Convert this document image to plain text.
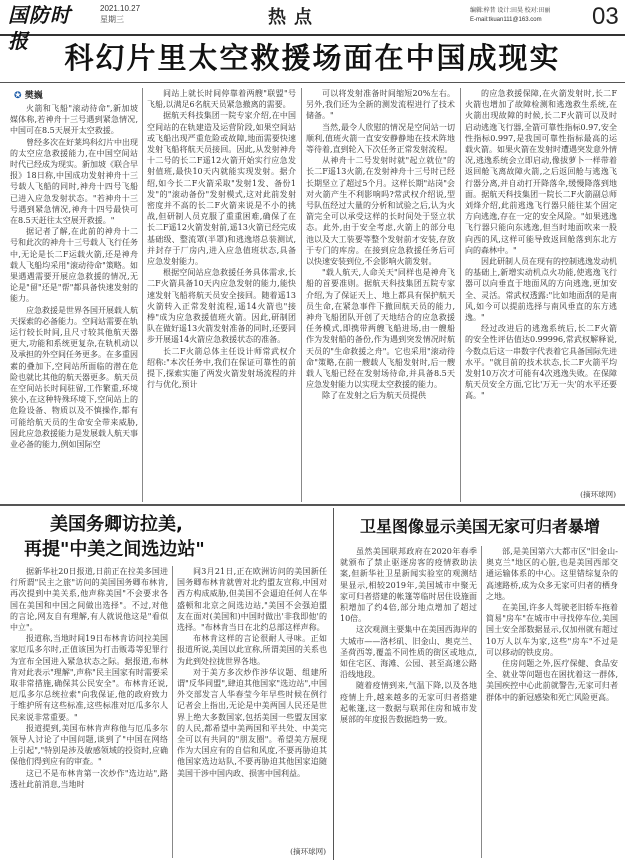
国防时报
2021.10.27
星期三	热点	编辑:梓昔 设计:田昊 校对:田丽
E-mail:tkuan111@163.com	03
科幻片里太空救援场面在中国成现实
✪ 樊巍
火箭和飞船"滚动待命",新加坡媒体称,若神舟十三号遇到紧急情况,中国可在8.5天展开太空救援。
曾经多次在好莱坞科幻片中出现的太空应急救援能力,在中国空间站时代已经成为现实。新加坡《联合早报》18日称,中国成功发射神舟十三号载人飞船的同时,神舟十四号飞船已进入应急发射状态。"若神舟十三号遇到紧急情况,神舟十四号最快可在8.5天赶往太空展开救援。"
据记者了解,在此前的神舟十二号和此次的神舟十三号载人飞行任务中,无论是长二F运载火箭,还是神舟载人飞船均采用"滚动待命"策略。如果遇遇需要开展应急救援的情况,无论是"留"还是"帮"都具备快速发射的能力。
应急救援是世界各国开展载人航天探索的必备能力。空间站需要在轨运行较长时间,且尺寸较其他航天器更大,功能和系统更复杂,在轨机动以及承担的外空间任务更多。在多重因素的叠加下,空间站所面临的潜在危险也就比其他的航天器更多。航天员在空间站长时间驻留,工作繁重,环境狭小,在这种特殊环境下,空间站上的危险设备、物质以及不慎操作,都有可能给航天员的生命安全带来威胁,因此应急救援能力是发展载人航天事业必备的能力,例如国际空
间站上就长时间停靠着两艘"联盟"号飞船,以满足6名航天员紧急撤离的需要。
据航天科技集团一院专家介绍,在中国空间站的在轨建造及运营阶段,如果空间站或飞船出现严重危险或故障,地面需要快速发射飞船将航天员接回。因此,从发射神舟十二号的长二F遥12火箭开始实行应急发射值班,最快10天内就能实现发射。据介绍,如今长二F火箭采取"发射1发、备份1发"的"滚动备份"发射模式,这对此前发射密度并不高的长二F火箭来说是不小的挑战,但研制人员克服了重重困难,确保了在长二F遥12火箭发射前,遥13火箭已经完成基础级、整流罩(半罩)和逃逸塔总装测试,并封存于厂房内,进入应急值班状态,具备应急发射能力。
根据空间站应急救援任务具体需求,长二F火箭具备10天内应急发射的能力,能快速发射飞船将航天员安全接回。随着遥13火箭转入正常发射流程,遥14火箭也"接棒"成为应急救援值班火箭。因此,研制团队在做好遥13火箭发射准备的同时,还要同步开展遥14火箭应急救援状态的准备。
长二F火箭总体主任设计师常武权介绍称:"本次任务中,我们在保证可靠性的前提下,探索实施了两发火箭发射场流程的并行与优化,预计
可以将发射准备时间缩短20%左右。另外,我们还为全新的测发流程进行了技术储备。"
当然,最令人欣慰的情况是空间站一切顺利,值班火箭一直安安静静地在技术阵地等待着,直到轮入下次任务正常发射流程。
从神舟十二号发射时就"起立就位"的长二F遥13火箭,在发射神舟十三号时已经长期坚立了超过5个月。这样长期"站岗"会对火箭产生不利影响吗?常武权介绍说,型号队伍经过大量的分析和试验之后,认为火箭完全可以承受这样的长时间处于竖立状态。此外,由于安全考虑,火箭上的部分电池以及大工装要等整个发射前才安装,存放于专门的库房。在接到应急救援任务后可以快速安装到位,不会影响火箭发射。
"载人航天,人命关天"同样也是神舟飞船的首要准则。据航天科技集团五院专家介绍,为了保证天上、地上都具有保护航天员生命,在紧急事件下撤回航天员的能力,神舟飞船团队开创了天地结合的应急救援任务模式,即携带两艘飞船进场,由一艘船作为发射船的备份,作为遇到突发情况时航天员的"生命救援之舟"。它也采用"滚动待命"策略,在前一艘载人飞船发射时,后一艘载人飞船已经在发射场待命,并具备8.5天应急发射能力以实现太空救援的能力。
除了在发射之后为航天员提供
的应急救援保障,在火箭发射时,长二F火箭也增加了故障检测和逃逸救生系统,在火箭出现故障的时候,长二F火箭可以及时启动逃逸飞行器,全箭可靠性指标0.97,安全性指标0.997,是我国可靠性指标最高的运载火箭。如果火箭在发射时遭遇突发意外情况,逃逸系统会立即启动,像拔萝卜一样带着返回舱飞离故障火箭,之后返回舱与逃逸飞行器分离,并自动打开降落伞,缓慢降落到地面。据航天科技集团一院长二F火箭副总师刘烽介绍,此前逃逸飞行器只能往某个固定方向逃逸,存在一定的安全风险。"如果逃逸飞行器只能向东逃逸,但当时地面吹来一股向西的风,这样可能导致返回舱落到东北方向的森林中。"
因此研制人员在现有的控制逃逸发动机的基础上,新增实动机点火功能,使逃逸飞行器可以向垂直于地面风的方向逃逸,更加安全、灵活。常武权透露:"比如地面刮的是南风,如今可以提前选择与南风垂直的东方逃逸。"
经过改进后的逃逸系统后,长二F火箭的安全性评估值达0.99996,常武权解释说,今数点后这一串数字代表着它具备国际先进水平。"就目前的技术状态,长二F火箭平均发射10万次才可能有4次逃逸失败。在保障航天员安全方面,它比'万无一失'的水平还要高。"
(摘环球网)
美国务卿访拉美,
再提"中美之间选边站"
据新华社20日报道,日前正在拉美多国进行所谓"民主之旅"访问的美国国务卿布林肯,再次提到中美关系,他声称美国"不会要求各国在美国和中国之间做出选择"。不过,对他的言论,网友自有理解,有人就说他这是"看似中立"。
报道称,当地时间19日布林肯访问拉美国家厄瓜多尔时,正值该国为打击贩毒等犯罪行为宣布全国进入紧急状态之际。据报道,布林肯对此表示"理解",声称"民主国家有时需要采取非常措施,确保其公民安全"。布林肯还说,厄瓜多尔总统拉索"向我保证,他的政府致力于维护所有这些标准,这些标准对厄瓜多尔人民来说非常重要。"
报道提到,美国布林肯声称他与厄瓜多尔领导人讨论了中国问题,谈到了"中国在网络上引起","特别是涉及敏感领域的投资时,应确保他们得到应有的审查。"
这已不是布林肯第一次炒作"选边站",路透社此前消息,当地时
间3月21日,正在欧洲访问的美国新任国务卿布林肯就曾对北约盟友宣称,中国对西方构成威胁,但美国不会逼迫任何人在华盛顿和北京之间选边站,"美国不会强迫盟友在面对(美国和)中国时做出'非我即他'的选择。"布林肯当日在北约总部这样声称。
布林肯这样的言论很耐人寻味。正如报道所说,美国以此宣称,所谓美国的关系也为此到处拉拢世界各地。
对于美方多次炒作涉华议题、组建所谓"反华同盟",肆迫其他国家"选边站",中国外交部发言人华春莹今年早些时候在例行记者会上指出,无论是中美两国人民还是世界上绝大多数国家,包括美国一些盟友国家的人民,都希望中美两国和平共处、中美完全可以有共同的"朋友圈"。希望美方展现作为大国应有的自信和风度,不要再胁迫其他国家选边站队,不要再胁迫其他国家追随美国干涉中国内政、损害中国利益。
(摘环球网)
卫星图像显示美国无家可归者暴增
虽然美国联邦政府在2020年春季就颁布了禁止驱逐房客的疫情救助法案,但新华社卫星新闻实验室的观测结果显示,相较2019年,美国城市中聚无家可归者搭建的帐篷等临时居住设施面积增加了约4倍,部分地点增加了超过10倍。
这次观测主要集中在美国西海岸的大城市——洛杉矶、旧金山、奥克兰、圣荷西等,覆盖不同性质的街区或地点,如住宅区、海滩、公园、甚至高速公路沿线地段。
随着疫情到来,气温下降,以及各地疫情上升,越来越多的无家可归者搭建起帐篷,这一数据与联邦住房和城市发展部的年度报告数据趋势一致。
部,是美国第六大都市区"旧金山-奥克兰"地区的心脏,也是美国西部交通运输体系的中心。这里错综复杂的高速路桥,成为众多无家可归者的栖身之地。
在美国,许多人驾驶老旧轿车拖着简易"房车"在城市中寻找停车位,美国国土安全部数据显示,仅加州就有超过10万人以车为家,这些"房车"不过是可以移动的铁皮房。
住房问题之外,医疗保健、食品安全、就业等问题也在困扰着这一群体,美国疾控中心此前就警告,无家可归者群体中的新冠感染和死亡风险更高。
